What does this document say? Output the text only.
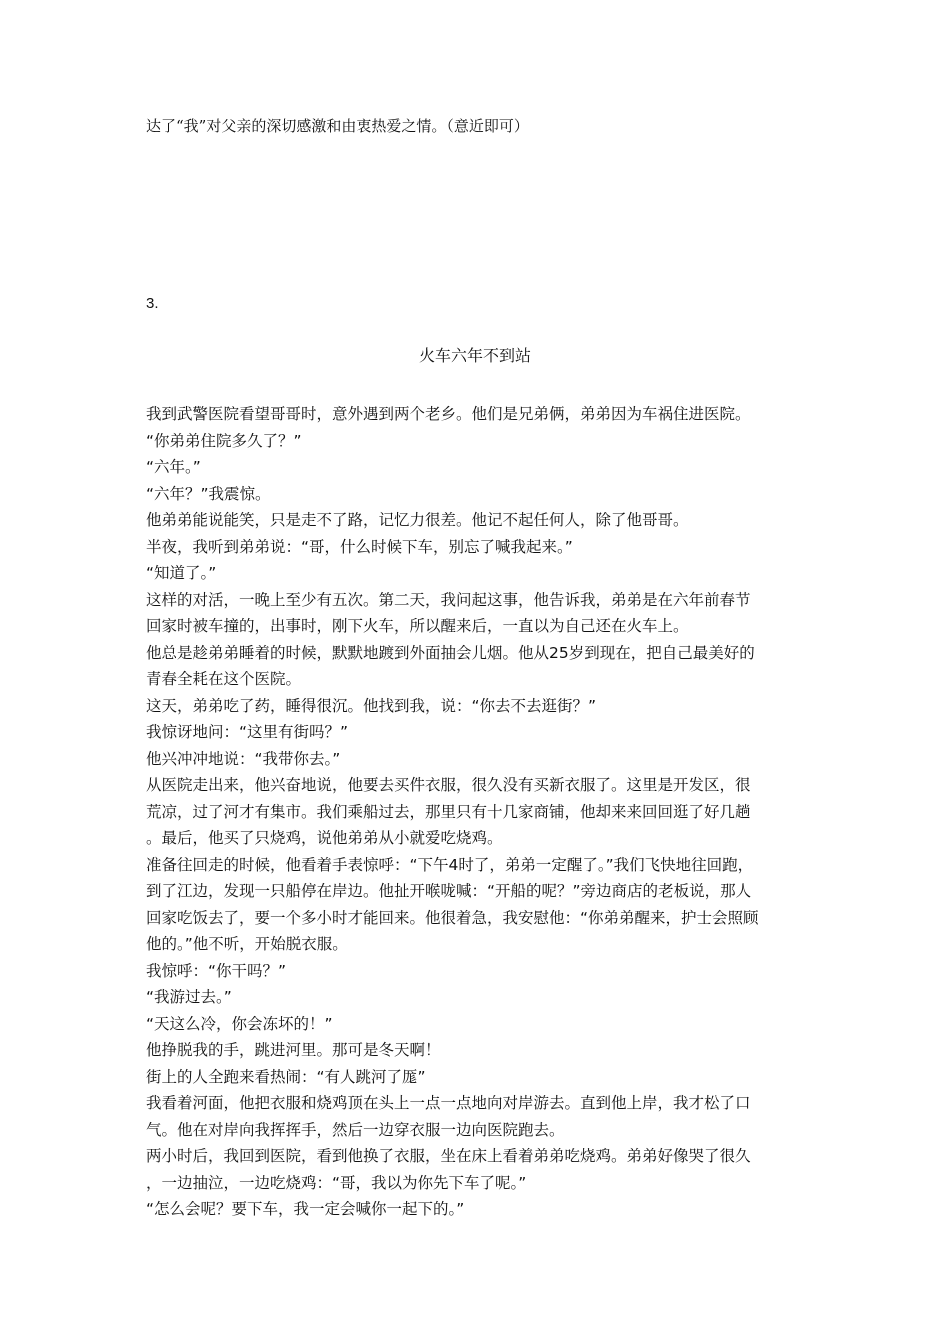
达了“我”对父亲的深切感激和由衷热爱之情。（意近即可）
3.
火车六年不到站

我到武警医院看望哥哥时，意外遇到两个老乡。他们是兄弟俩，弟弟因为车祸住进医院。

“你弟弟住院多久了？”

“六年。”

“六年？”我震惊。

他弟弟能说能笑，只是走不了路，记忆力很差。他记不起任何人，除了他哥哥。

半夜，我听到弟弟说：“哥，什么时候下车，别忘了喊我起来。”

“知道了。”

这样的对活，一晚上至少有五次。第二天，我问起这事，他告诉我，弟弟是在六年前春节

回家时被车撞的，出事时，刚下火车，所以醒来后，一直以为自己还在火车上。

他总是趁弟弟睡着的时候，默默地踱到外面抽会儿烟。他从25岁到现在，把自己最美好的

青春全耗在这个医院。

这天，弟弟吃了药，睡得很沉。他找到我，说：“你去不去逛街？”

我惊讶地问：“这里有街吗？”

他兴冲冲地说：“我带你去。”

从医院走出来，他兴奋地说，他要去买件衣服，很久没有买新衣服了。这里是开发区，很

荒凉，过了河才有集市。我们乘船过去，那里只有十几家商铺，他却来来回回逛了好几趟

。最后，他买了只烧鸡，说他弟弟从小就爱吃烧鸡。

准备往回走的时候，他看着手表惊呼：“下午4时了，弟弟一定醒了。”我们飞快地往回跑，

到了江边，发现一只船停在岸边。他扯开喉咙喊：“开船的呢？”旁边商店的老板说，那人

回家吃饭去了，要一个多小时才能回来。他很着急，我安慰他：“你弟弟醒来，护士会照顾

他的。”他不听，开始脱衣服。

我惊呼：“你干吗？”

“我游过去。”

“天这么冷，你会冻坏的！”

他挣脱我的手，跳进河里。那可是冬天啊！

街上的人全跑来看热闹：“有人跳河了厖”

我看着河面，他把衣服和烧鸡顶在头上一点一点地向对岸游去。直到他上岸，我才松了口

气。他在对岸向我挥挥手，然后一边穿衣服一边向医院跑去。

两小时后，我回到医院，看到他换了衣服，坐在床上看着弟弟吃烧鸡。弟弟好像哭了很久

，一边抽泣，一边吃烧鸡：“哥，我以为你先下车了呢。”

“怎么会呢？要下车，我一定会喊你一起下的。”
